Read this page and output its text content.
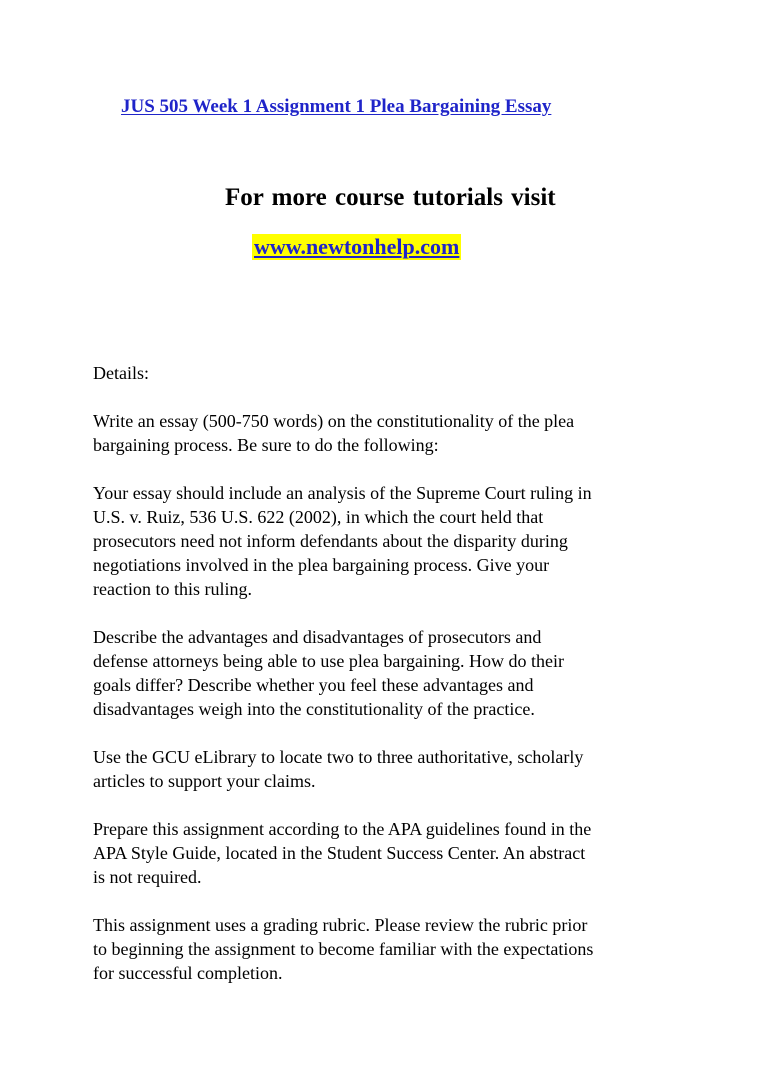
JUS 505 Week 1 Assignment 1 Plea Bargaining Essay

For more course tutorials visit

www.newtonhelp.com

Details:

Write an essay (500-750 words) on the constitutionality of the plea
bargaining process. Be sure to do the following:

Your essay should include an analysis of the Supreme Court ruling in
U.S. v. Ruiz, 536 U.S. 622 (2002), in which the court held that
prosecutors need not inform defendants about the disparity during
negotiations involved in the plea bargaining process. Give your
reaction to this ruling.

Describe the advantages and disadvantages of prosecutors and
defense attorneys being able to use plea bargaining. How do their
goals differ? Describe whether you feel these advantages and
disadvantages weigh into the constitutionality of the practice.

Use the GCU eLibrary to locate two to three authoritative, scholarly
articles to support your claims.

Prepare this assignment according to the APA guidelines found in the
APA Style Guide, located in the Student Success Center. An abstract
is not required.

This assignment uses a grading rubric. Please review the rubric prior
to beginning the assignment to become familiar with the expectations
for successful completion.
